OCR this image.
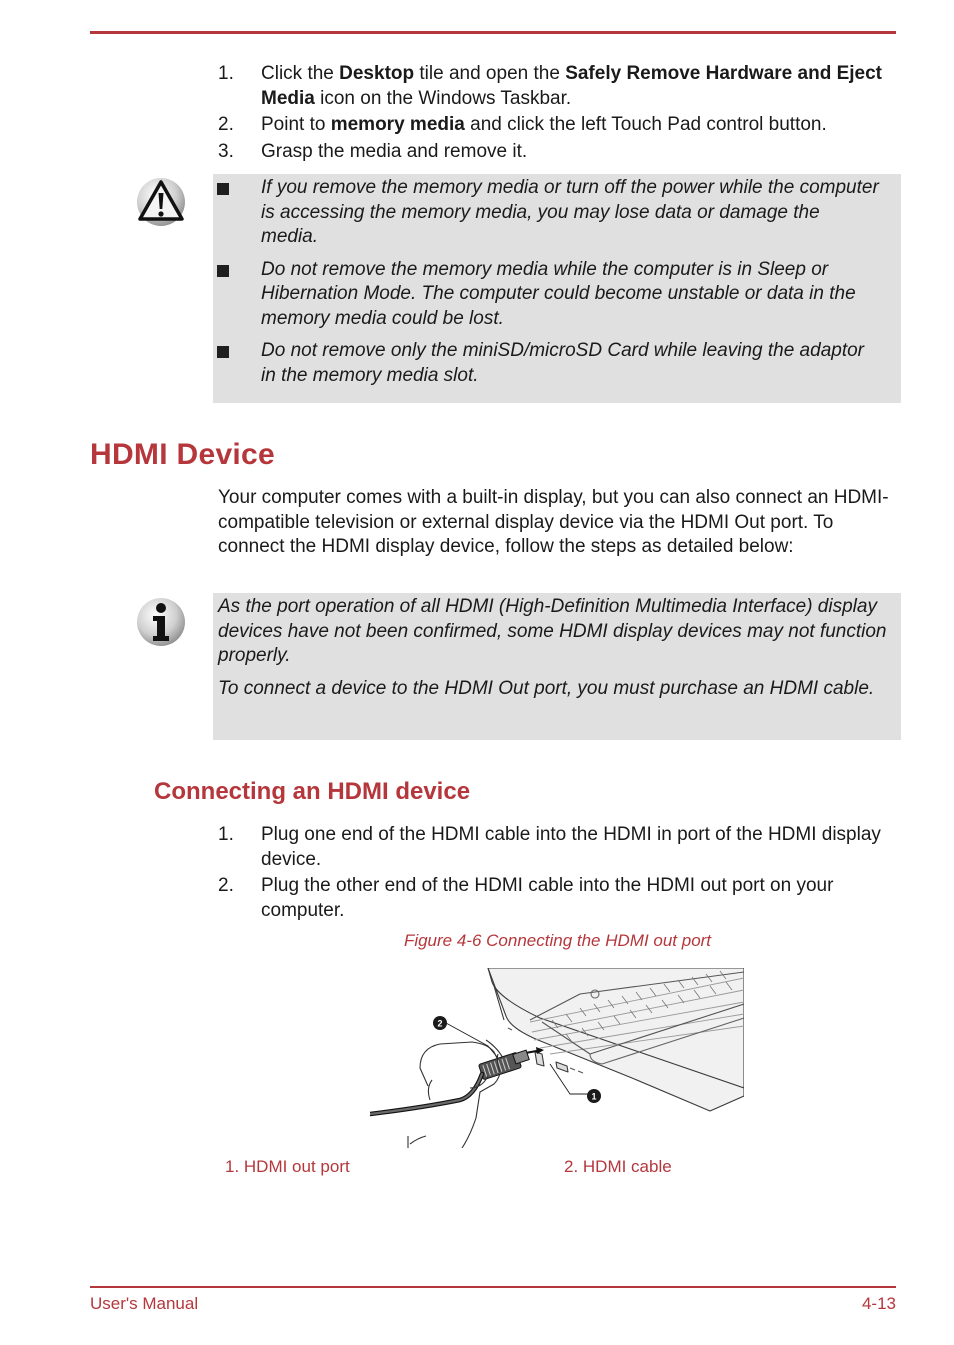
1. Click the Desktop tile and open the Safely Remove Hardware and Eject Media icon on the Windows Taskbar.
2. Point to memory media and click the left Touch Pad control button.
3. Grasp the media and remove it.
If you remove the memory media or turn off the power while the computer is accessing the memory media, you may lose data or damage the media.
Do not remove the memory media while the computer is in Sleep or Hibernation Mode. The computer could become unstable or data in the memory media could be lost.
Do not remove only the miniSD/microSD Card while leaving the adaptor in the memory media slot.
HDMI Device

Your computer comes with a built-in display, but you can also connect an HDMI-compatible television or external display device via the HDMI Out port. To connect the HDMI display device, follow the steps as detailed below:

As the port operation of all HDMI (High-Definition Multimedia Interface) display devices have not been confirmed, some HDMI display devices may not function properly.

To connect a device to the HDMI Out port, you must purchase an HDMI cable.

Connecting an HDMI device
1. Plug one end of the HDMI cable into the HDMI in port of the HDMI display device.
2. Plug the other end of the HDMI cable into the HDMI out port on your computer.
Figure 4-6 Connecting the HDMI out port
2
1
1. HDMI out port	2. HDMI cable
User's Manual	4-13
